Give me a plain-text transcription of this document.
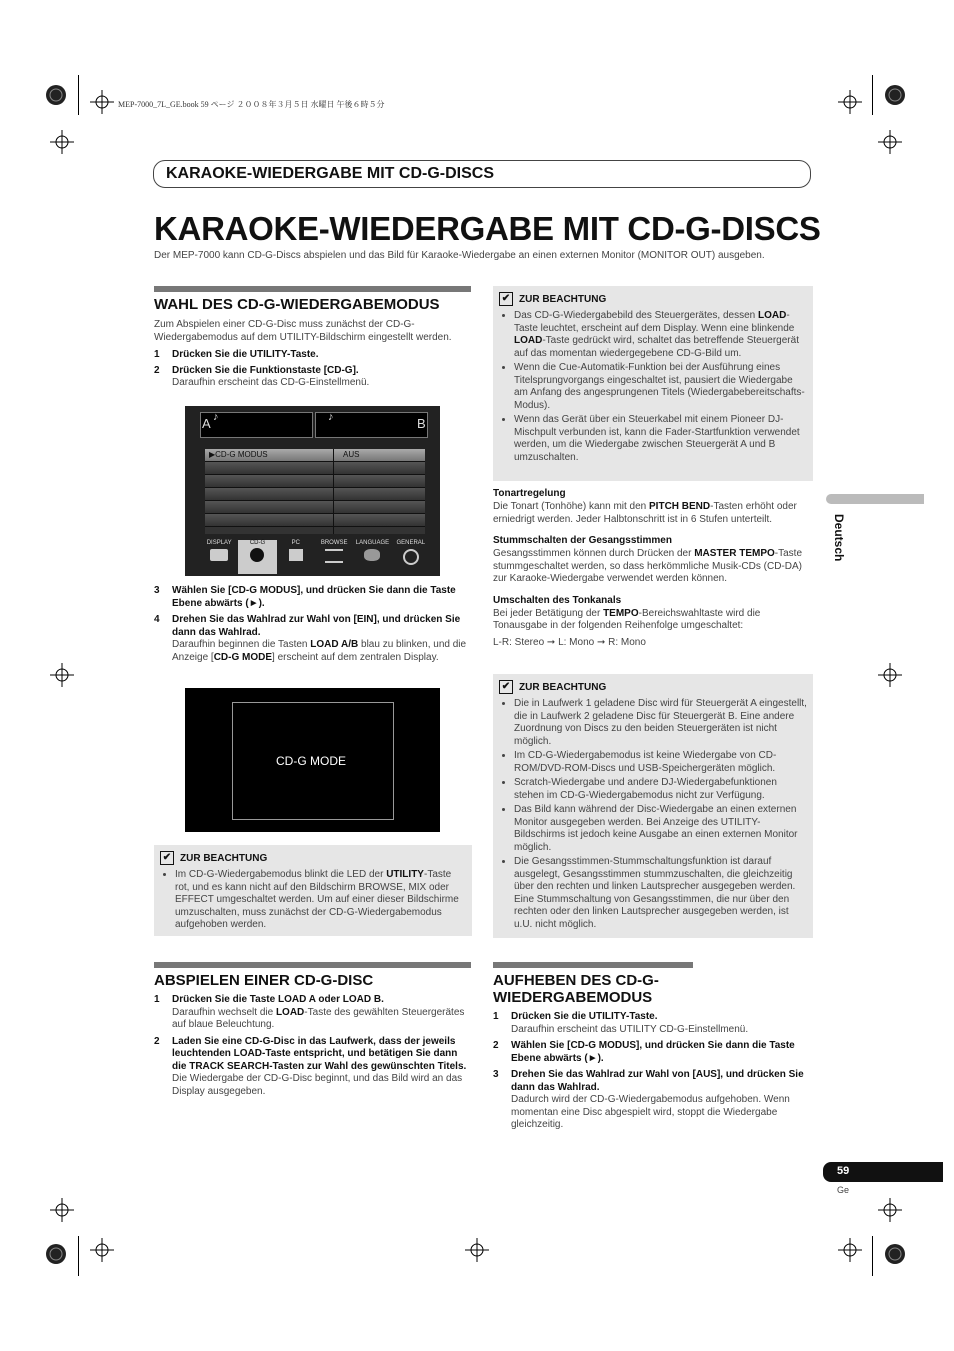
MEP-7000_7L_GE.book 59 ページ ２００８年３月５日 水曜日 午後６時５分
KARAOKE-WIEDERGABE MIT CD-G-DISCS
KARAOKE-WIEDERGABE MIT CD-G-DISCS
Der MEP-7000 kann CD-G-Discs abspielen und das Bild für Karaoke-Wiedergabe an einen externen Monitor (MONITOR OUT) ausgeben.
WAHL DES CD-G-WIEDERGABEMODUS
Zum Abspielen einer CD-G-Disc muss zunächst der CD-G-Wiedergabemodus auf dem UTILITY-Bildschirm eingestellt werden.
1 Drücken Sie die UTILITY-Taste.
2 Drücken Sie die Funktionstaste [CD-G].
Daraufhin erscheint das CD-G-Einstellmenü.
A	B
♪	♪
▶CD-G MODUS	AUS
DISPLAY	CD-G	PC	BROWSE	LANGUAGE	GENERAL
3 Wählen Sie [CD-G MODUS], und drücken Sie dann die Taste Ebene abwärts (►).
4 Drehen Sie das Wahlrad zur Wahl von [EIN], und drücken Sie dann das Wahlrad.
Daraufhin beginnen die Tasten LOAD A/B blau zu blinken, und die Anzeige [CD-G MODE] erscheint auf dem zentralen Display.
CD-G MODE
✔ ZUR BEACHTUNG
• Im CD-G-Wiedergabemodus blinkt die LED der UTILITY-Taste rot, und es kann nicht auf den Bildschirm BROWSE, MIX oder EFFECT umgeschaltet werden. Um auf einer dieser Bildschirme umzuschalten, muss zunächst der CD-G-Wiedergabemodus aufgehoben werden.
ABSPIELEN EINER CD-G-DISC
1 Drücken Sie die Taste LOAD A oder LOAD B.
Daraufhin wechselt die LOAD-Taste des gewählten Steuergerätes auf blaue Beleuchtung.
2 Laden Sie eine CD-G-Disc in das Laufwerk, dass der jeweils leuchtenden LOAD-Taste entspricht, und betätigen Sie dann die TRACK SEARCH-Tasten zur Wahl des gewünschten Titels.
Die Wiedergabe der CD-G-Disc beginnt, und das Bild wird an das Display ausgegeben.
✔ ZUR BEACHTUNG
• Das CD-G-Wiedergabebild des Steuergerätes, dessen LOAD-Taste leuchtet, erscheint auf dem Display. Wenn eine blinkende LOAD-Taste gedrückt wird, schaltet das betreffende Steuergerät auf das momentan wiedergegebene CD-G-Bild um.
• Wenn die Cue-Automatik-Funktion bei der Ausführung eines Titelsprungvorgangs eingeschaltet ist, pausiert die Wiedergabe am Anfang des angesprungenen Titels (Wiedergabebereitschafts-Modus).
• Wenn das Gerät über ein Steuerkabel mit einem Pioneer DJ-Mischpult verbunden ist, kann die Fader-Startfunktion verwendet werden, um die Wiedergabe zwischen Steuergerät A und B umzuschalten.
Tonartregelung
Die Tonart (Tonhöhe) kann mit den PITCH BEND-Tasten erhöht oder erniedrigt werden. Jeder Halbtonschritt ist in 6 Stufen unterteilt.
Stummschalten der Gesangsstimmen
Gesangsstimmen können durch Drücken der MASTER TEMPO-Taste stummgeschaltet werden, so dass herkömmliche Musik-CDs (CD-DA) zur Karaoke-Wiedergabe verwendet werden können.
Umschalten des Tonkanals
Bei jeder Betätigung der TEMPO-Bereichswahltaste wird die Tonausgabe in der folgenden Reihenfolge umgeschaltet:
L-R: Stereo ➞ L: Mono ➞ R: Mono
✔ ZUR BEACHTUNG
• Die in Laufwerk 1 geladene Disc wird für Steuergerät A eingestellt, die in Laufwerk 2 geladene Disc für Steuergerät B. Eine andere Zuordnung von Discs zu den beiden Steuergeräten ist nicht möglich.
• Im CD-G-Wiedergabemodus ist keine Wiedergabe von CD-ROM/DVD-ROM-Discs und USB-Speichergeräten möglich.
• Scratch-Wiedergabe und andere DJ-Wiedergabefunktionen stehen im CD-G-Wiedergabemodus nicht zur Verfügung.
• Das Bild kann während der Disc-Wiedergabe an einen externen Monitor ausgegeben werden. Bei Anzeige des UTILITY-Bildschirms ist jedoch keine Ausgabe an einen externen Monitor möglich.
• Die Gesangsstimmen-Stummschaltungsfunktion ist darauf ausgelegt, Gesangsstimmen stummzuschalten, die gleichzeitig über den rechten und linken Lautsprecher ausgegeben werden. Eine Stummschaltung von Gesangsstimmen, die nur über den rechten oder den linken Lautsprecher ausgegeben werden, ist u.U. nicht möglich.
AUFHEBEN DES CD-G-WIEDERGABEMODUS
1 Drücken Sie die UTILITY-Taste.
Daraufhin erscheint das UTILITY CD-G-Einstellmenü.
2 Wählen Sie [CD-G MODUS], und drücken Sie dann die Taste Ebene abwärts (►).
3 Drehen Sie das Wahlrad zur Wahl von [AUS], und drücken Sie dann das Wahlrad.
Dadurch wird der CD-G-Wiedergabemodus aufgehoben. Wenn momentan eine Disc abgespielt wird, stoppt die Wiedergabe gleichzeitig.
Deutsch
59
Ge
